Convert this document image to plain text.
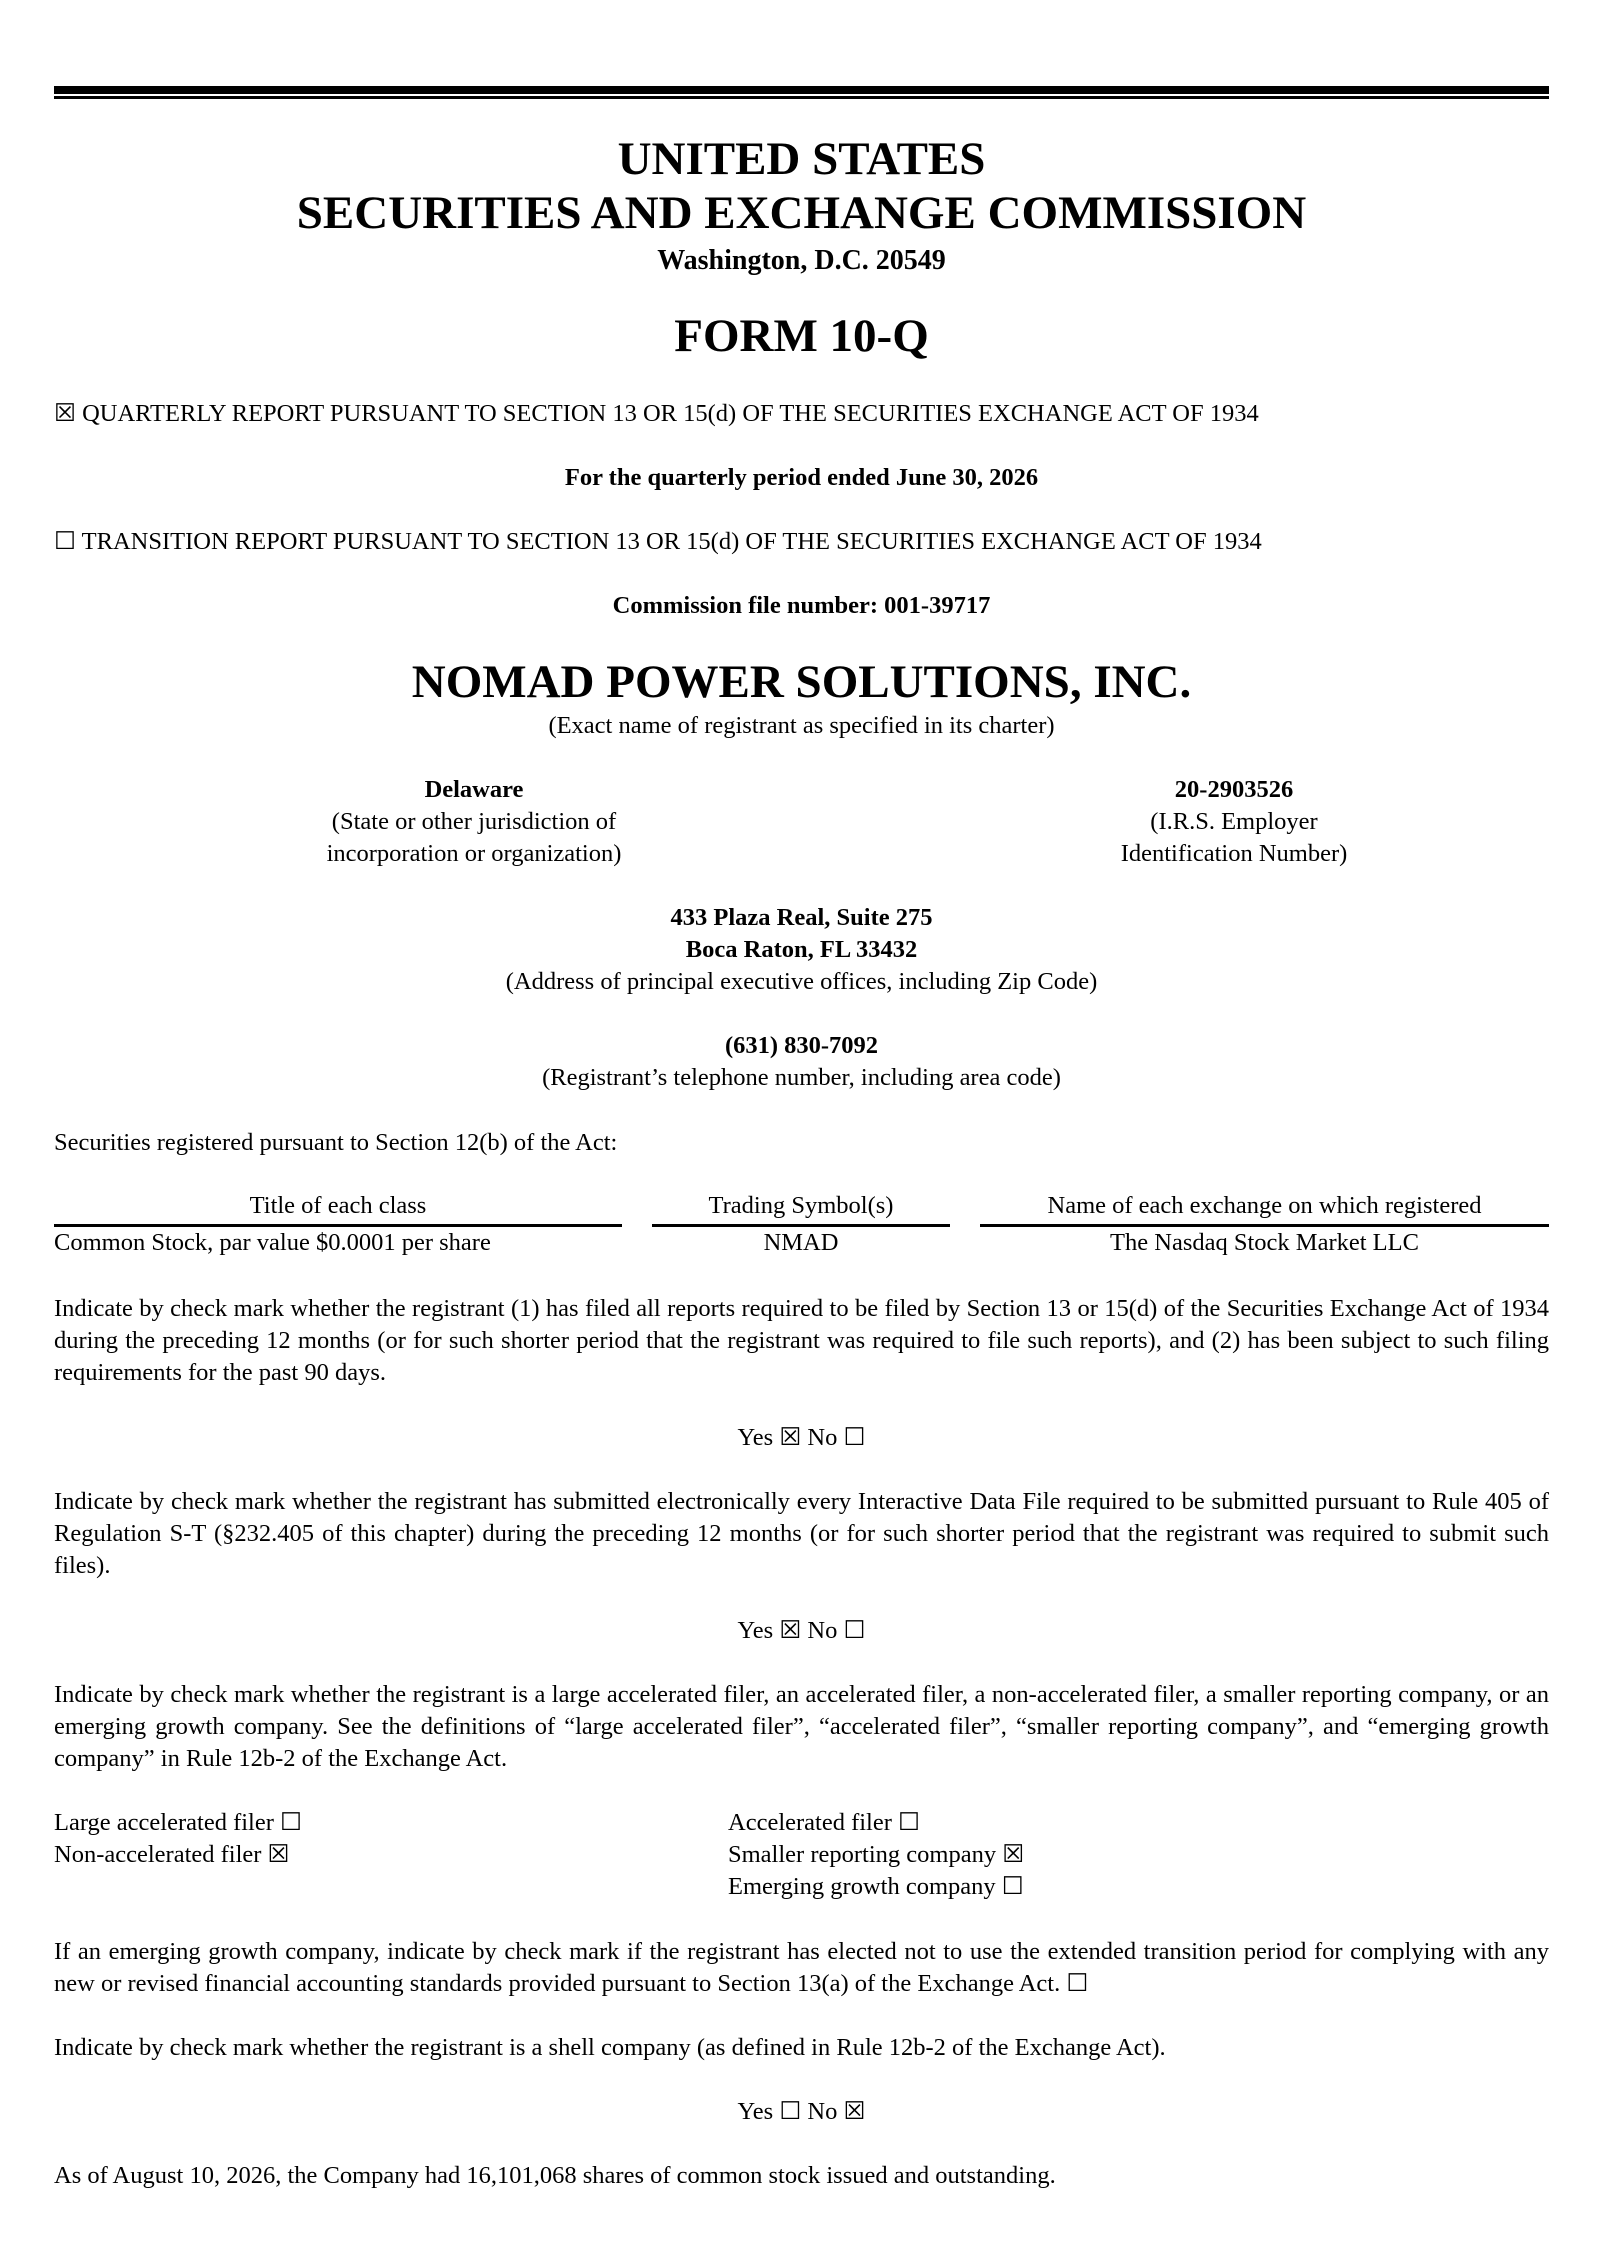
UNITED STATES
SECURITIES AND EXCHANGE COMMISSION
Washington, D.C. 20549
FORM 10-Q
☒ QUARTERLY REPORT PURSUANT TO SECTION 13 OR 15(d) OF THE SECURITIES EXCHANGE ACT OF 1934
For the quarterly period ended June 30, 2026
☐ TRANSITION REPORT PURSUANT TO SECTION 13 OR 15(d) OF THE SECURITIES EXCHANGE ACT OF 1934
Commission file number: 001-39717
NOMAD POWER SOLUTIONS, INC.
(Exact name of registrant as specified in its charter)
Delaware
(State or other jurisdiction of
incorporation or organization)
20-2903526
(I.R.S. Employer
Identification Number)
433 Plaza Real, Suite 275
Boca Raton, FL 33432
(Address of principal executive offices, including Zip Code)
(631) 830-7092
(Registrant’s telephone number, including area code)
Securities registered pursuant to Section 12(b) of the Act:
Title of each class
Common Stock, par value $0.0001 per share
Trading Symbol(s)
NMAD
Name of each exchange on which registered
The Nasdaq Stock Market LLC
Indicate by check mark whether the registrant (1) has filed all reports required to be filed by Section 13 or 15(d) of the Securities Exchange Act of 1934 during the preceding 12 months (or for such shorter period that the registrant was required to file such reports), and (2) has been subject to such filing requirements for the past 90 days.
Yes ☒ No ☐
Indicate by check mark whether the registrant has submitted electronically every Interactive Data File required to be submitted pursuant to Rule 405 of Regulation S-T (§232.405 of this chapter) during the preceding 12 months (or for such shorter period that the registrant was required to submit such files).
Yes ☒ No ☐
Indicate by check mark whether the registrant is a large accelerated filer, an accelerated filer, a non-accelerated filer, a smaller reporting company, or an emerging growth company. See the definitions of “large accelerated filer”, “accelerated filer”, “smaller reporting company”, and “emerging growth company” in Rule 12b-2 of the Exchange Act.
Large accelerated filer ☐
Non-accelerated filer ☒
Accelerated filer ☐
Smaller reporting company ☒
Emerging growth company ☐
If an emerging growth company, indicate by check mark if the registrant has elected not to use the extended transition period for complying with any new or revised financial accounting standards provided pursuant to Section 13(a) of the Exchange Act. ☐
Indicate by check mark whether the registrant is a shell company (as defined in Rule 12b-2 of the Exchange Act).
Yes ☐ No ☒
As of August 10, 2026, the Company had 16,101,068 shares of common stock issued and outstanding.
